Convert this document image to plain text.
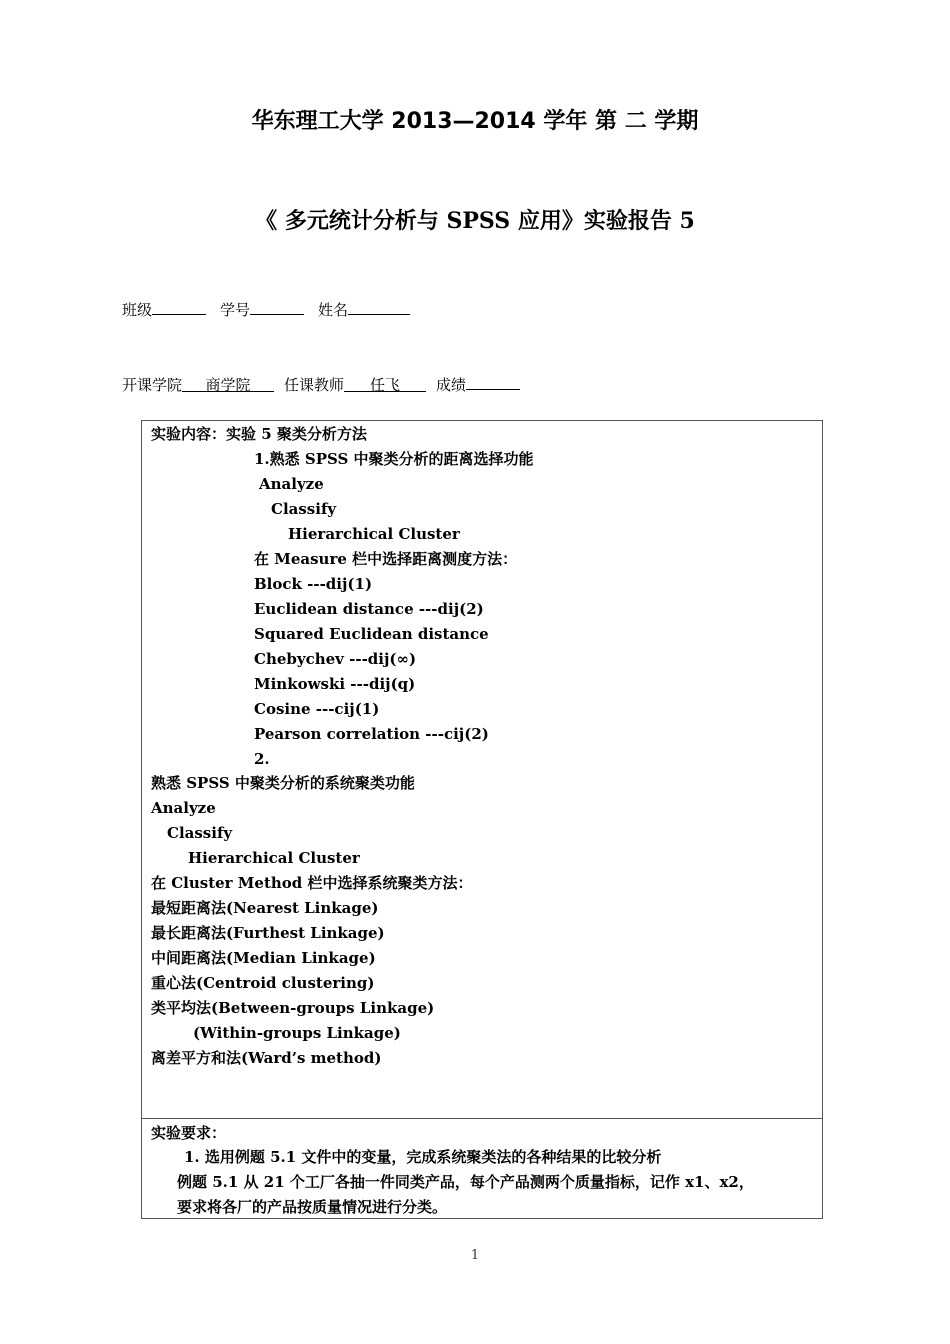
华东理工大学 2013—2014 学年 第 二 学期
《 多元统计分析与 SPSS 应用》实验报告 5
班级	学号	姓名
开课学院 商学院 任课教师 任飞 成绩
实验内容：实验 5 聚类分析方法
1.熟悉 SPSS 中聚类分析的距离选择功能
Analyze
Classify
Hierarchical Cluster
在 Measure 栏中选择距离测度方法：
Block ---dij(1)
Euclidean distance ---dij(2)
Squared Euclidean distance
Chebychev ---dij(∞)
Minkowski ---dij(q)
Cosine ---cij(1)
Pearson correlation ---cij(2)
2.
熟悉 SPSS 中聚类分析的系统聚类功能
Analyze
Classify
Hierarchical Cluster
在 Cluster Method 栏中选择系统聚类方法：
最短距离法(Nearest Linkage)
最长距离法(Furthest Linkage)
中间距离法(Median Linkage)
重心法(Centroid clustering)
类平均法(Between-groups Linkage)
(Within-groups Linkage)
离差平方和法(Ward’s method)
实验要求：
1. 选用例题 5.1 文件中的变量，完成系统聚类法的各种结果的比较分析
例题 5.1 从 21 个工厂各抽一件同类产品，每个产品测两个质量指标，记作 x1、x2，
要求将各厂的产品按质量情况进行分类。
1
